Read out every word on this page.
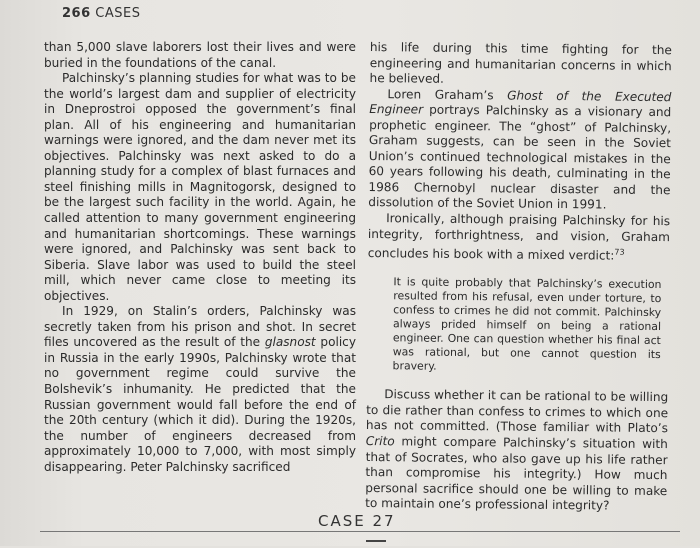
266 CASES

than 5,000 slave laborers lost their lives and were buried in the foundations of the canal.

Palchinsky’s planning studies for what was to be the world’s largest dam and supplier of electricity in Dneprostroi opposed the government’s final plan. All of his engineering and humanitarian warnings were ignored, and the dam never met its objectives. Palchinsky was next asked to do a planning study for a complex of blast furnaces and steel finishing mills in Magnitogorsk, designed to be the largest such facility in the world. Again, he called attention to many government engineering and humanitarian shortcomings. These warnings were ignored, and Palchinsky was sent back to Siberia. Slave labor was used to build the steel mill, which never came close to meeting its objectives.

In 1929, on Stalin’s orders, Palchinsky was secretly taken from his prison and shot. In secret files uncovered as the result of the glasnost policy in Russia in the early 1990s, Palchinsky wrote that no government regime could survive the Bolshevik’s inhumanity. He predicted that the Russian government would fall before the end of the 20th century (which it did). During the 1920s, the number of engineers decreased from approximately 10,000 to 7,000, with most simply disappearing. Peter Palchinsky sacrificed

his life during this time fighting for the engineering and humanitarian concerns in which he believed.

Loren Graham’s Ghost of the Executed Engineer portrays Palchinsky as a visionary and prophetic engineer. The “ghost” of Palchinsky, Graham suggests, can be seen in the Soviet Union’s continued technological mistakes in the 60 years following his death, culminating in the 1986 Chernobyl nuclear disaster and the dissolution of the Soviet Union in 1991.

Ironically, although praising Palchinsky for his integrity, forthrightness, and vision, Graham concludes his book with a mixed verdict:$^{73}$

It is quite probably that Palchinsky’s execution resulted from his refusal, even under torture, to confess to crimes he did not commit. Palchinsky always prided himself on being a rational engineer. One can question whether his final act was rational, but one cannot question its bravery.

Discuss whether it can be rational to be willing to die rather than confess to crimes to which one has not committed. (Those familiar with Plato’s Crito might compare Palchinsky’s situation with that of Socrates, who also gave up his life rather than compromise his integrity.) How much personal sacrifice should one be willing to make to maintain one’s professional integrity?

CASE 27
